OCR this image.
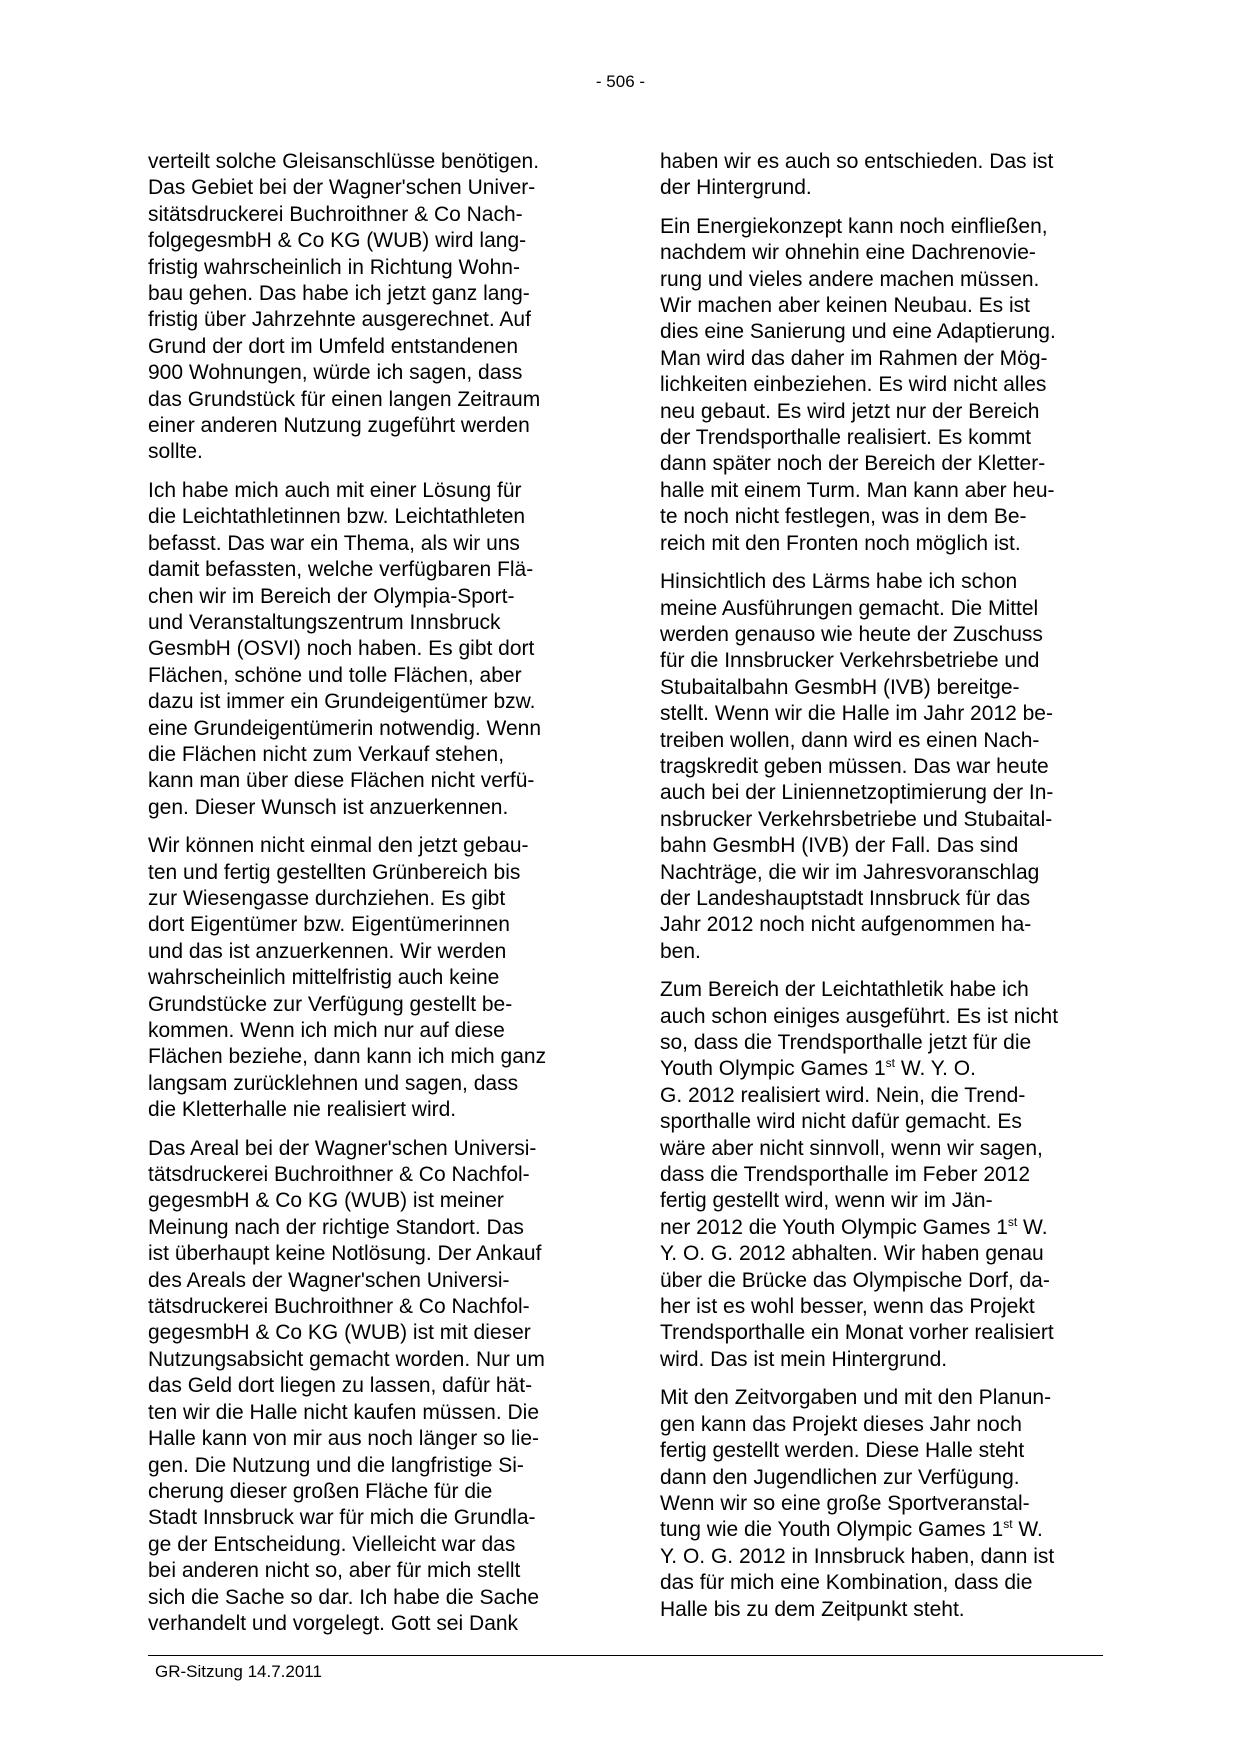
- 506 -

verteilt solche Gleisanschlüsse benötigen.
Das Gebiet bei der Wagner'schen Univer-
sitätsdruckerei Buchroithner & Co Nach-
folgegesmbH & Co KG (WUB) wird lang-
fristig wahrscheinlich in Richtung Wohn-
bau gehen. Das habe ich jetzt ganz lang-
fristig über Jahrzehnte ausgerechnet. Auf
Grund der dort im Umfeld entstandenen
900 Wohnungen, würde ich sagen, dass
das Grundstück für einen langen Zeitraum
einer anderen Nutzung zugeführt werden
sollte.

Ich habe mich auch mit einer Lösung für
die Leichtathletinnen bzw. Leichtathleten
befasst. Das war ein Thema, als wir uns
damit befassten, welche verfügbaren Flä-
chen wir im Bereich der Olympia-Sport-
und Veranstaltungszentrum Innsbruck
GesmbH (OSVI) noch haben. Es gibt dort
Flächen, schöne und tolle Flächen, aber
dazu ist immer ein Grundeigentümer bzw.
eine Grundeigentümerin notwendig. Wenn
die Flächen nicht zum Verkauf stehen,
kann man über diese Flächen nicht verfü-
gen. Dieser Wunsch ist anzuerkennen.

Wir können nicht einmal den jetzt gebau-
ten und fertig gestellten Grünbereich bis
zur Wiesengasse durchziehen. Es gibt
dort Eigentümer bzw. Eigentümerinnen
und das ist anzuerkennen. Wir werden
wahrscheinlich mittelfristig auch keine
Grundstücke zur Verfügung gestellt be-
kommen. Wenn ich mich nur auf diese
Flächen beziehe, dann kann ich mich ganz
langsam zurücklehnen und sagen, dass
die Kletterhalle nie realisiert wird.

Das Areal bei der Wagner'schen Universi-
tätsdruckerei Buchroithner & Co Nachfol-
gegesmbH & Co KG (WUB) ist meiner
Meinung nach der richtige Standort. Das
ist überhaupt keine Notlösung. Der Ankauf
des Areals der Wagner'schen Universi-
tätsdruckerei Buchroithner & Co Nachfol-
gegesmbH & Co KG (WUB) ist mit dieser
Nutzungsabsicht gemacht worden. Nur um
das Geld dort liegen zu lassen, dafür hät-
ten wir die Halle nicht kaufen müssen. Die
Halle kann von mir aus noch länger so lie-
gen. Die Nutzung und die langfristige Si-
cherung dieser großen Fläche für die
Stadt Innsbruck war für mich die Grundla-
ge der Entscheidung. Vielleicht war das
bei anderen nicht so, aber für mich stellt
sich die Sache so dar. Ich habe die Sache
verhandelt und vorgelegt. Gott sei Dank

haben wir es auch so entschieden. Das ist
der Hintergrund.

Ein Energiekonzept kann noch einfließen,
nachdem wir ohnehin eine Dachrenovie-
rung und vieles andere machen müssen.
Wir machen aber keinen Neubau. Es ist
dies eine Sanierung und eine Adaptierung.
Man wird das daher im Rahmen der Mög-
lichkeiten einbeziehen. Es wird nicht alles
neu gebaut. Es wird jetzt nur der Bereich
der Trendsporthalle realisiert. Es kommt
dann später noch der Bereich der Kletter-
halle mit einem Turm. Man kann aber heu-
te noch nicht festlegen, was in dem Be-
reich mit den Fronten noch möglich ist.

Hinsichtlich des Lärms habe ich schon
meine Ausführungen gemacht. Die Mittel
werden genauso wie heute der Zuschuss
für die Innsbrucker Verkehrsbetriebe und
Stubaitalbahn GesmbH (IVB) bereitge-
stellt. Wenn wir die Halle im Jahr 2012 be-
treiben wollen, dann wird es einen Nach-
tragskredit geben müssen. Das war heute
auch bei der Liniennetzoptimierung der In-
nsbrucker Verkehrsbetriebe und Stubaital-
bahn GesmbH (IVB) der Fall. Das sind
Nachträge, die wir im Jahresvoranschlag
der Landeshauptstadt Innsbruck für das
Jahr 2012 noch nicht aufgenommen ha-
ben.

Zum Bereich der Leichtathletik habe ich
auch schon einiges ausgeführt. Es ist nicht
so, dass die Trendsporthalle jetzt für die
Youth Olympic Games 1st W. Y. O.
G. 2012 realisiert wird. Nein, die Trend-
sporthalle wird nicht dafür gemacht. Es
wäre aber nicht sinnvoll, wenn wir sagen,
dass die Trendsporthalle im Feber 2012
fertig gestellt wird, wenn wir im Jän-
ner 2012 die Youth Olympic Games 1st W.
Y. O. G. 2012 abhalten. Wir haben genau
über die Brücke das Olympische Dorf, da-
her ist es wohl besser, wenn das Projekt
Trendsporthalle ein Monat vorher realisiert
wird. Das ist mein Hintergrund.

Mit den Zeitvorgaben und mit den Planun-
gen kann das Projekt dieses Jahr noch
fertig gestellt werden. Diese Halle steht
dann den Jugendlichen zur Verfügung.
Wenn wir so eine große Sportveranstal-
tung wie die Youth Olympic Games 1st W.
Y. O. G. 2012 in Innsbruck haben, dann ist
das für mich eine Kombination, dass die
Halle bis zu dem Zeitpunkt steht.

GR-Sitzung 14.7.2011
